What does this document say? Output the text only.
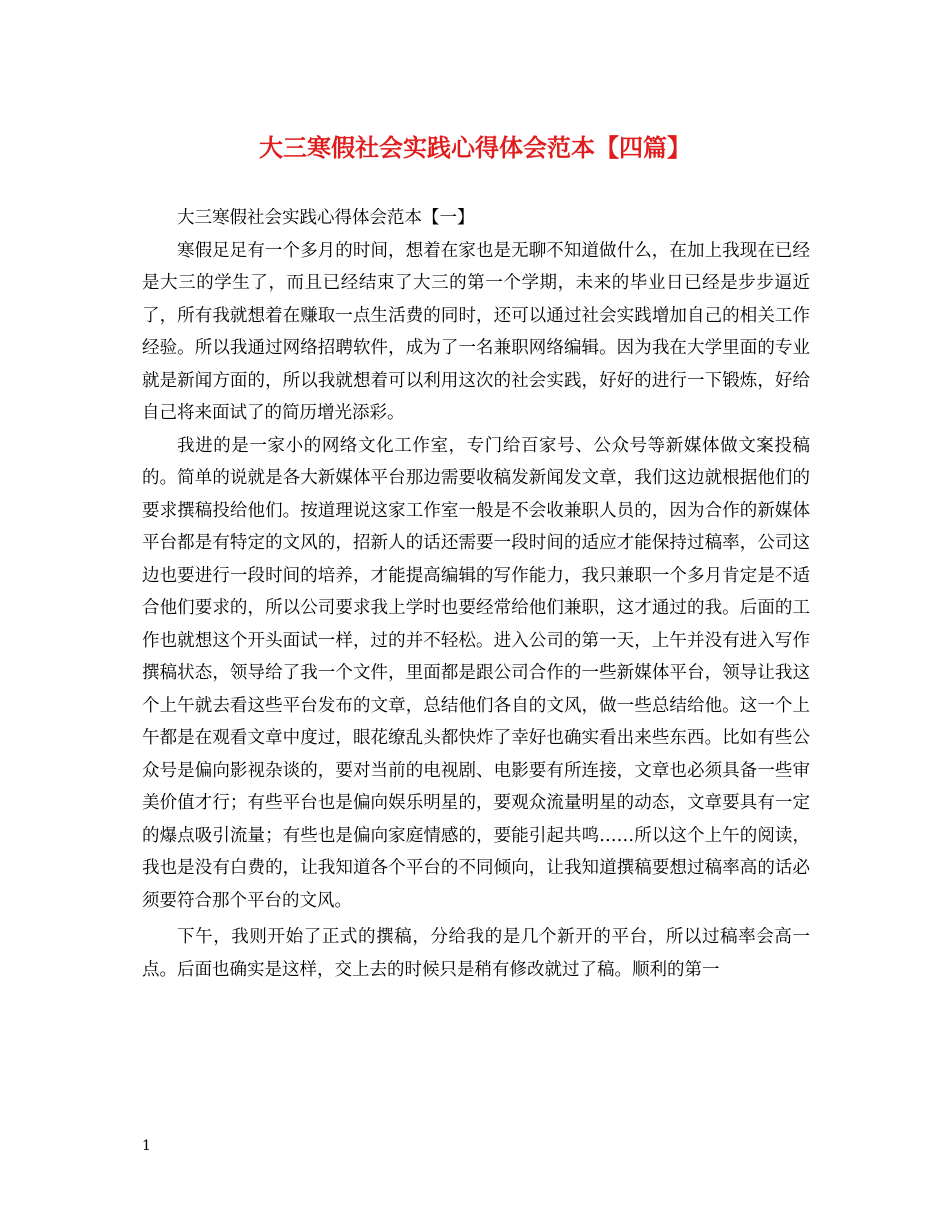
大三寒假社会实践心得体会范本【四篇】

大三寒假社会实践心得体会范本【一】

寒假足足有一个多月的时间，想着在家也是无聊不知道做什么，在加上我现在已经是大三的学生了，而且已经结束了大三的第一个学期，未来的毕业日已经是步步逼近了，所有我就想着在赚取一点生活费的同时，还可以通过社会实践增加自己的相关工作经验。所以我通过网络招聘软件，成为了一名兼职网络编辑。因为我在大学里面的专业就是新闻方面的，所以我就想着可以利用这次的社会实践，好好的进行一下锻炼，好给自己将来面试了的简历增光添彩。

我进的是一家小的网络文化工作室，专门给百家号、公众号等新媒体做文案投稿的。简单的说就是各大新媒体平台那边需要收稿发新闻发文章，我们这边就根据他们的要求撰稿投给他们。按道理说这家工作室一般是不会收兼职人员的，因为合作的新媒体平台都是有特定的文风的，招新人的话还需要一段时间的适应才能保持过稿率，公司这边也要进行一段时间的培养，才能提高编辑的写作能力，我只兼职一个多月肯定是不适合他们要求的，所以公司要求我上学时也要经常给他们兼职，这才通过的我。后面的工作也就想这个开头面试一样，过的并不轻松。进入公司的第一天，上午并没有进入写作撰稿状态，领导给了我一个文件，里面都是跟公司合作的一些新媒体平台，领导让我这个上午就去看这些平台发布的文章，总结他们各自的文风，做一些总结给他。这一个上午都是在观看文章中度过，眼花缭乱头都快炸了幸好也确实看出来些东西。比如有些公众号是偏向影视杂谈的，要对当前的电视剧、电影要有所连接，文章也必须具备一些审美价值才行；有些平台也是偏向娱乐明星的，要观众流量明星的动态，文章要具有一定的爆点吸引流量；有些也是偏向家庭情感的，要能引起共鸣……所以这个上午的阅读，我也是没有白费的，让我知道各个平台的不同倾向，让我知道撰稿要想过稿率高的话必须要符合那个平台的文风。

下午，我则开始了正式的撰稿，分给我的是几个新开的平台，所以过稿率会高一点。后面也确实是这样，交上去的时候只是稍有修改就过了稿。顺利的第一

1
